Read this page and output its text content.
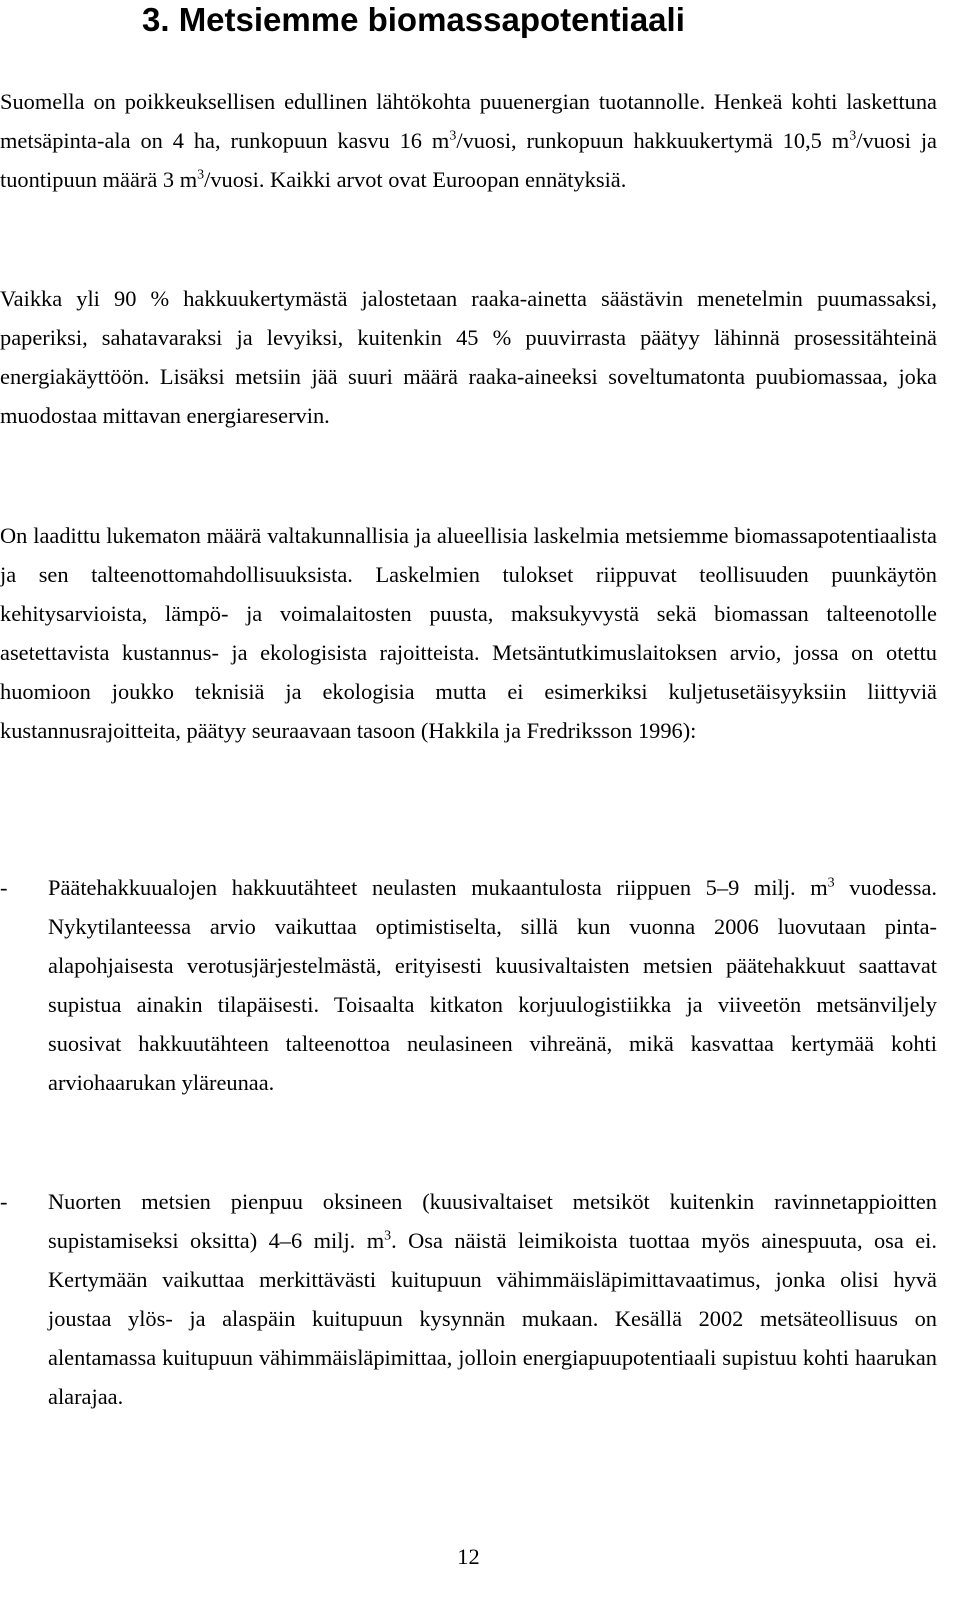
3. Metsiemme biomassapotentiaali

Suomella on poikkeuksellisen edullinen lähtökohta puuenergian tuotannolle. Henkeä kohti laskettuna metsäpinta-ala on 4 ha, runkopuun kasvu 16 $m^3$/vuosi, runkopuun hakkuukertymä 10,5 $m^3$/vuosi ja tuontipuun määrä 3 $m^3$/vuosi. Kaikki arvot ovat Euroopan ennätyksiä.

Vaikka yli 90 % hakkuukertymästä jalostetaan raaka-ainetta säästävin menetelmin puumassaksi, paperiksi, sahatavaraksi ja levyiksi, kuitenkin 45 % puuvirrasta päätyy lähinnä prosessitähteinä energiakäyttöön. Lisäksi metsiin jää suuri määrä raaka-aineeksi soveltumatonta puubiomassaa, joka muodostaa mittavan energiareservin.

On laadittu lukematon määrä valtakunnallisia ja alueellisia laskelmia metsiemme biomassapotentiaalista ja sen talteenottomahdollisuuksista. Laskelmien tulokset riippuvat teollisuuden puunkäytön kehitysarvioista, lämpö- ja voimalaitosten puusta, maksukyvystä sekä biomassan talteenotolle asetettavista kustannus- ja ekologisista rajoitteista. Metsäntutkimuslaitoksen arvio, jossa on otettu huomioon joukko teknisiä ja ekologisia mutta ei esimerkiksi kuljetusetäisyyksiin liittyviä kustannusrajoitteita, päätyy seuraavaan tasoon (Hakkila ja Fredriksson 1996):

- Päätehakkuualojen hakkuutähteet neulasten mukaantulosta riippuen 5–9 milj. $m^3$ vuodessa. Nykytilanteessa arvio vaikuttaa optimistiselta, sillä kun vuonna 2006 luovutaan pinta-alapohjaisesta verotusjärjestelmästä, erityisesti kuusivaltaisten metsien päätehakkuut saattavat supistua ainakin tilapäisesti. Toisaalta kitkaton korjuulogistiikka ja viiveetön metsänviljely suosivat hakkuutähteen talteenottoa neulasineen vihreänä, mikä kasvattaa kertymää kohti arviohaarukan yläreunaa.

- Nuorten metsien pienpuu oksineen (kuusivaltaiset metsiköt kuitenkin ravinnetappioitten supistamiseksi oksitta) 4–6 milj. $m^3$. Osa näistä leimikoista tuottaa myös ainespuuta, osa ei. Kertymään vaikuttaa merkittävästi kuitupuun vähimmäisläpimittavaatimus, jonka olisi hyvä joustaa ylös- ja alaspäin kuitupuun kysynnän mukaan. Kesällä 2002 metsäteollisuus on alentamassa kuitupuun vähimmäisläpimittaa, jolloin energiapuupotentiaali supistuu kohti haarukan alarajaa.

12
